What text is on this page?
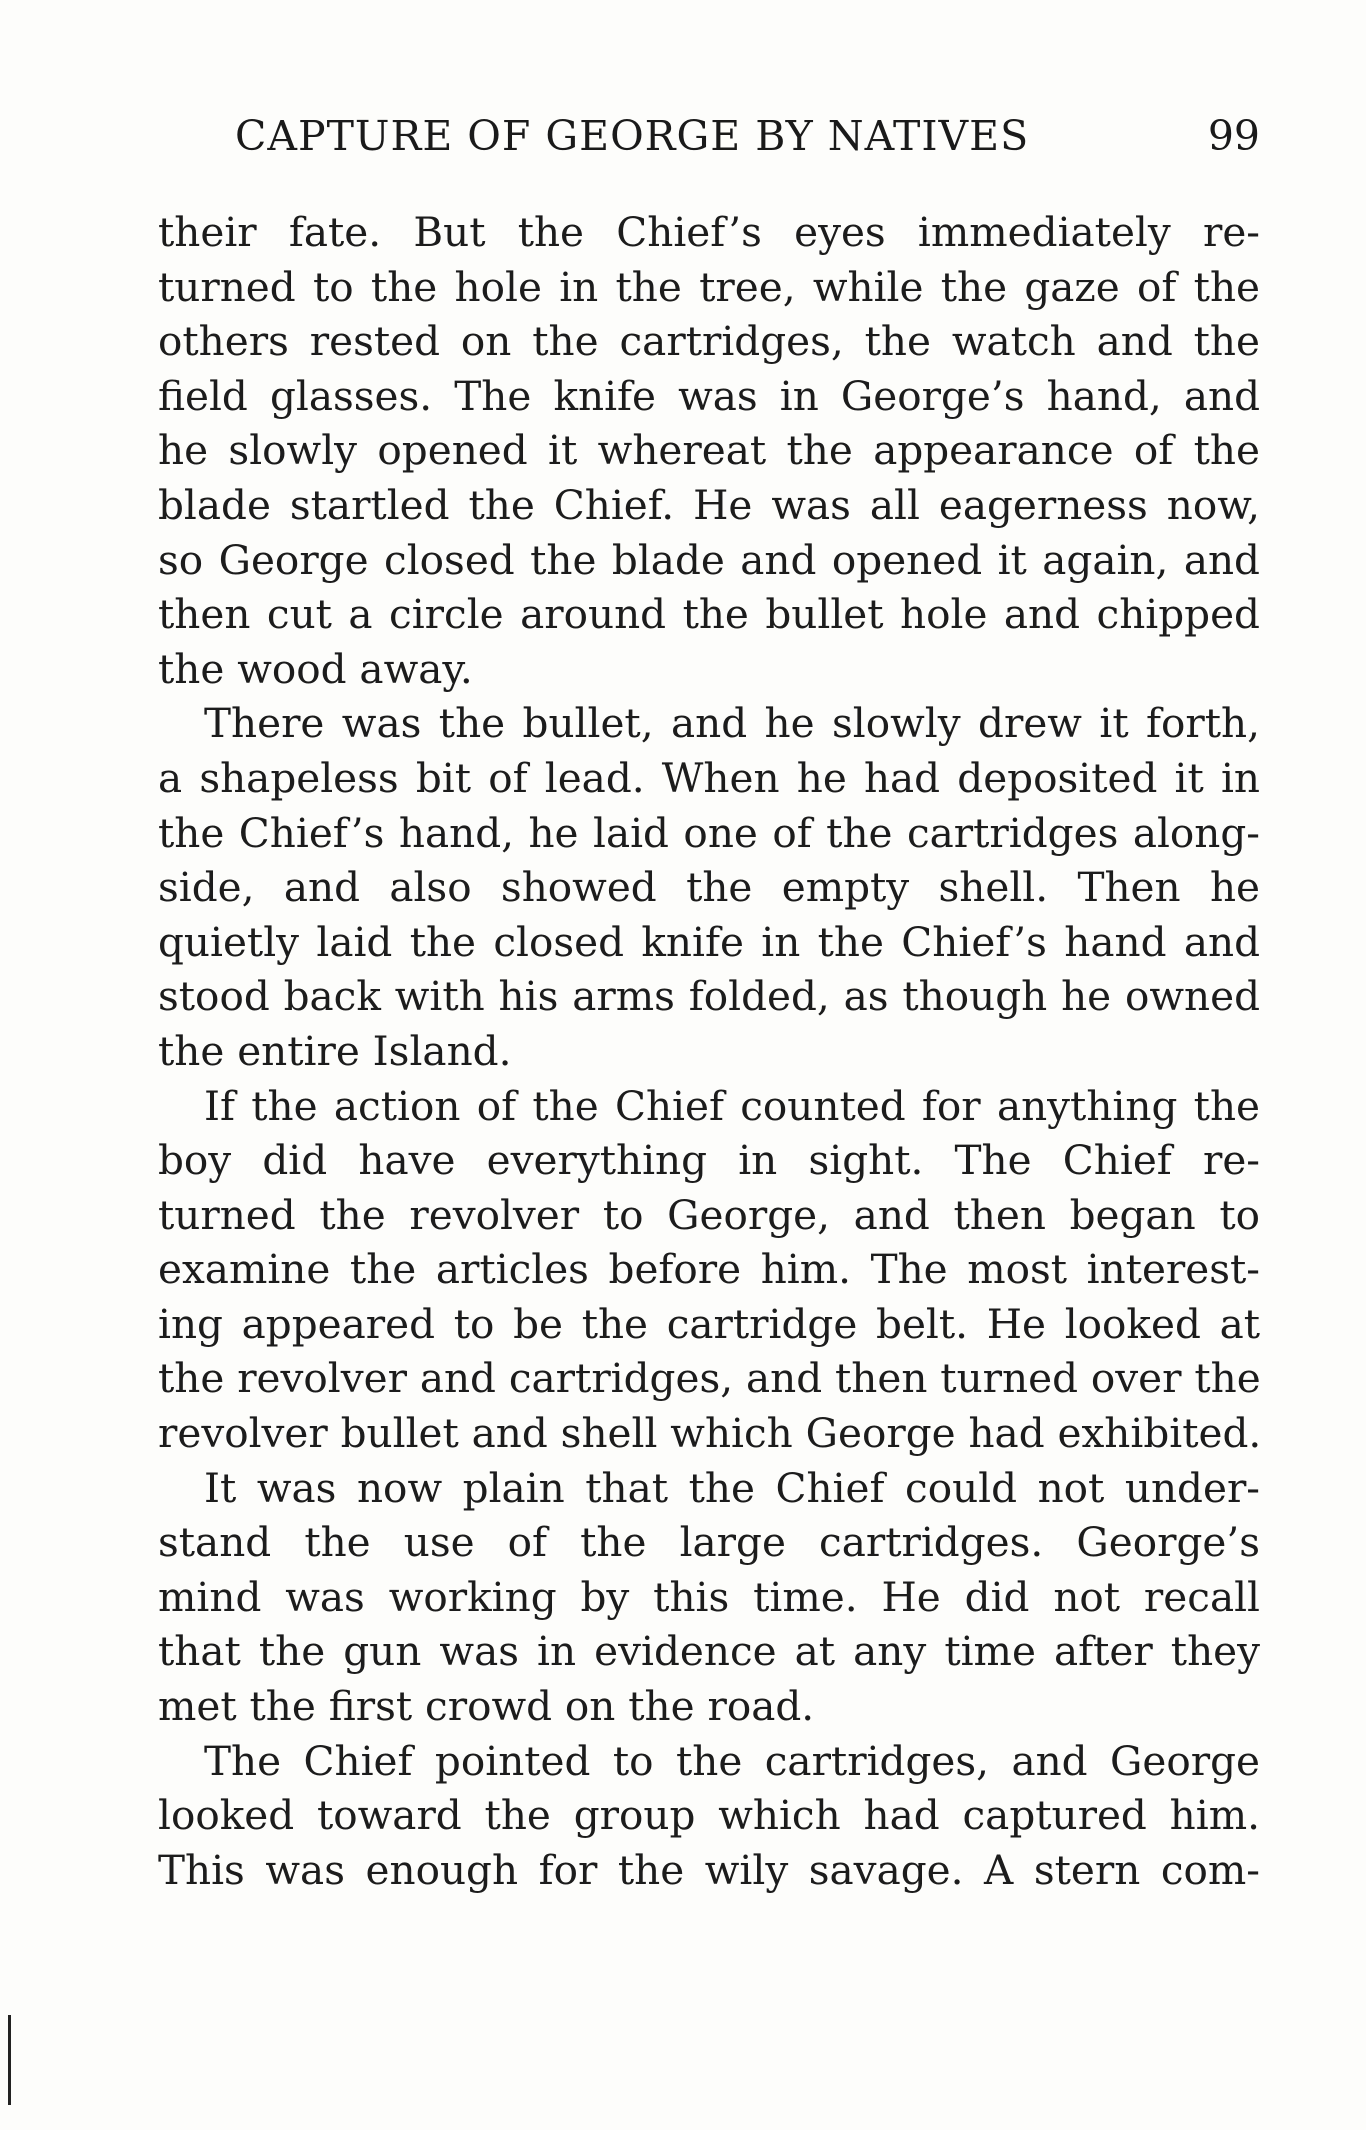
CAPTURE OF GEORGE BY NATIVES	99
their fate. But the Chief’s eyes immediately re-
turned to the hole in the tree, while the gaze of the
others rested on the cartridges, the watch and the
field glasses. The knife was in George’s hand, and
he slowly opened it whereat the appearance of the
blade startled the Chief. He was all eagerness now,
so George closed the blade and opened it again, and
then cut a circle around the bullet hole and chipped
the wood away.
There was the bullet, and he slowly drew it forth,
a shapeless bit of lead. When he had deposited it in
the Chief’s hand, he laid one of the cartridges along-
side, and also showed the empty shell. Then he
quietly laid the closed knife in the Chief’s hand and
stood back with his arms folded, as though he owned
the entire Island.
If the action of the Chief counted for anything the
boy did have everything in sight. The Chief re-
turned the revolver to George, and then began to
examine the articles before him. The most interest-
ing appeared to be the cartridge belt. He looked at
the revolver and cartridges, and then turned over the
revolver bullet and shell which George had exhibited.
It was now plain that the Chief could not under-
stand the use of the large cartridges. George’s
mind was working by this time. He did not recall
that the gun was in evidence at any time after they
met the first crowd on the road.
The Chief pointed to the cartridges, and George
looked toward the group which had captured him.
This was enough for the wily savage. A stern com-
